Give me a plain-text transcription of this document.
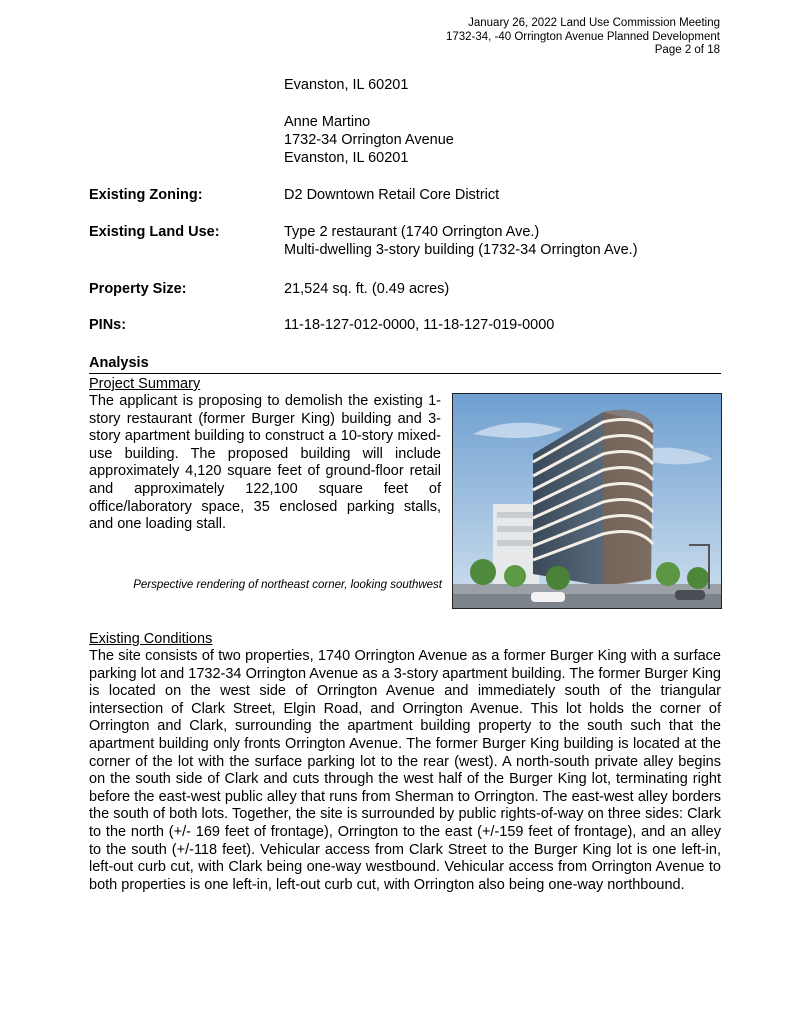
January 26, 2022 Land Use Commission Meeting
1732-34, -40 Orrington Avenue Planned Development
Page 2 of 18
Evanston, IL 60201
Anne Martino
1732-34 Orrington Avenue
Evanston, IL 60201
Existing Zoning:	D2 Downtown Retail Core District
Existing Land Use:	Type 2 restaurant (1740 Orrington Ave.)
Multi-dwelling 3-story building (1732-34 Orrington Ave.)
Property Size:	21,524 sq. ft. (0.49 acres)
PINs:	11-18-127-012-0000, 11-18-127-019-0000
Analysis
Project Summary
The applicant is proposing to demolish the existing 1-story restaurant (former Burger King) building and 3-story apartment building to construct a 10-story mixed-use building. The proposed building will include approximately 4,120 square feet of ground-floor retail and approximately 122,100 square feet of office/laboratory space, 35 enclosed parking stalls, and one loading stall.
Perspective rendering of northeast corner, looking southwest
Existing Conditions
The site consists of two properties, 1740 Orrington Avenue as a former Burger King with a surface parking lot and 1732-34 Orrington Avenue as a 3-story apartment building. The former Burger King is located on the west side of Orrington Avenue and immediately south of the triangular intersection of Clark Street, Elgin Road, and Orrington Avenue. This lot holds the corner of Orrington and Clark, surrounding the apartment building property to the south such that the apartment building only fronts Orrington Avenue. The former Burger King building is located at the corner of the lot with the surface parking lot to the rear (west). A north-south private alley begins on the south side of Clark and cuts through the west half of the Burger King lot, terminating right before the east-west public alley that runs from Sherman to Orrington. The east-west alley borders the south of both lots. Together, the site is surrounded by public rights-of-way on three sides: Clark to the north (+/- 169 feet of frontage), Orrington to the east (+/-159 feet of frontage), and an alley to the south (+/-118 feet). Vehicular access from Clark Street to the Burger King lot is one left-in, left-out curb cut, with Clark being one-way westbound. Vehicular access from Orrington Avenue to both properties is one left-in, left-out curb cut, with Orrington also being one-way northbound.
